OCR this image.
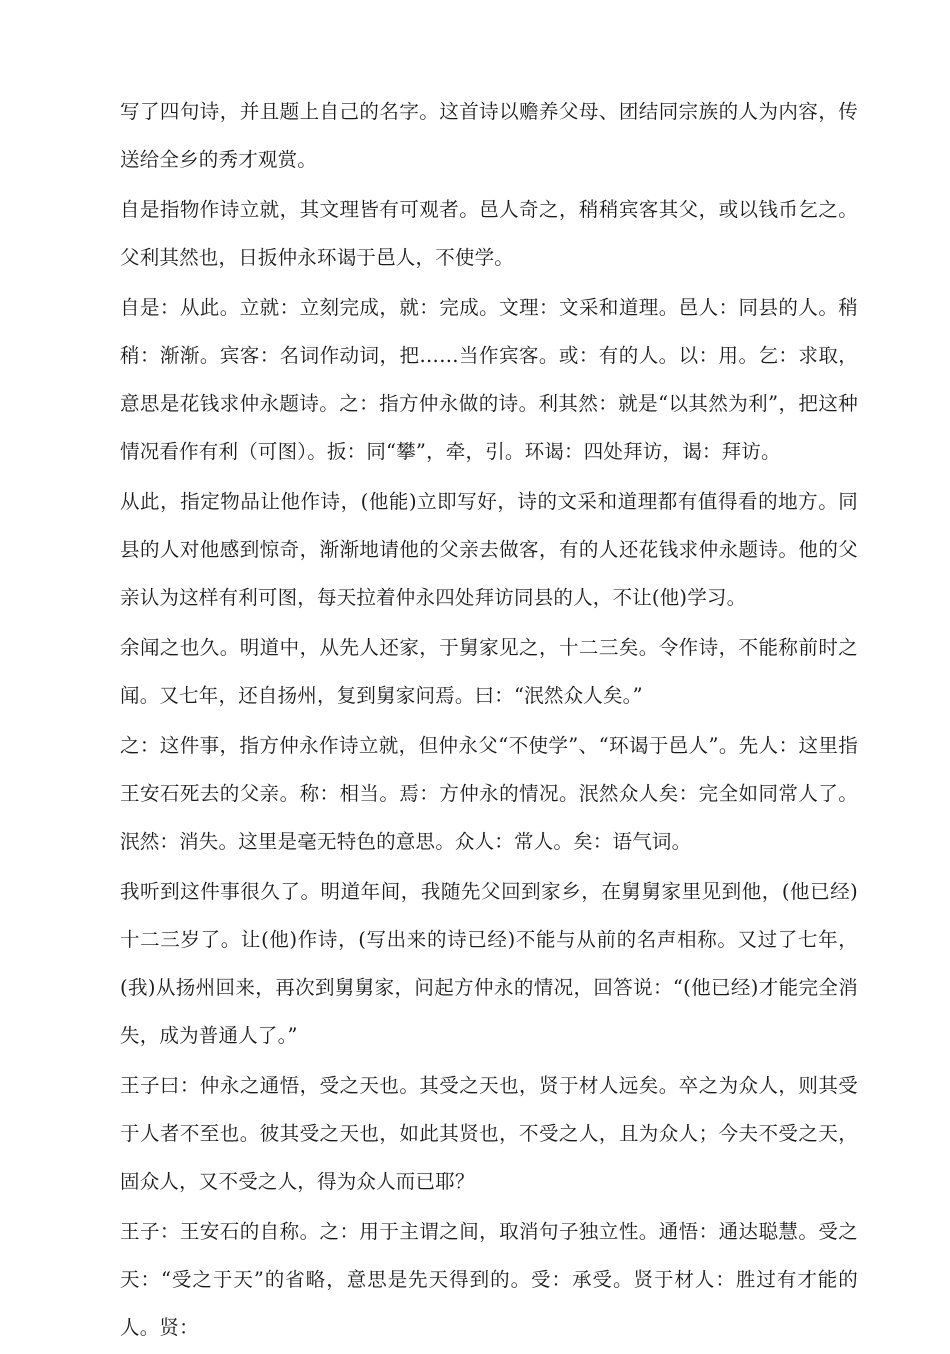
写了四句诗，并且题上自己的名字。这首诗以赡养父母、团结同宗族的人为内容，传送给全乡的秀才观赏。

自是指物作诗立就，其文理皆有可观者。邑人奇之，稍稍宾客其父，或以钱币乞之。父利其然也，日扳仲永环谒于邑人，不使学。

自是：从此。立就：立刻完成，就：完成。文理：文采和道理。邑人：同县的人。稍稍：渐渐。宾客：名词作动词，把……当作宾客。或：有的人。以：用。乞：求取，意思是花钱求仲永题诗。之：指方仲永做的诗。利其然：就是“以其然为利”，把这种情况看作有利（可图）。扳：同“攀”，牵，引。环谒：四处拜访，谒：拜访。

从此，指定物品让他作诗，(他能)立即写好，诗的文采和道理都有值得看的地方。同县的人对他感到惊奇，渐渐地请他的父亲去做客，有的人还花钱求仲永题诗。他的父亲认为这样有利可图，每天拉着仲永四处拜访同县的人，不让(他)学习。

余闻之也久。明道中，从先人还家，于舅家见之，十二三矣。令作诗，不能称前时之闻。又七年，还自扬州，复到舅家问焉。曰：“泯然众人矣。”

之：这件事，指方仲永作诗立就，但仲永父“不使学”、“环谒于邑人”。先人：这里指王安石死去的父亲。称：相当。焉：方仲永的情况。泯然众人矣：完全如同常人了。泯然：消失。这里是毫无特色的意思。众人：常人。矣：语气词。

我听到这件事很久了。明道年间，我随先父回到家乡，在舅舅家里见到他，(他已经)十二三岁了。让(他)作诗，(写出来的诗已经)不能与从前的名声相称。又过了七年，(我)从扬州回来，再次到舅舅家，问起方仲永的情况，回答说：“(他已经)才能完全消失，成为普通人了。”

王子曰：仲永之通悟，受之天也。其受之天也，贤于材人远矣。卒之为众人，则其受于人者不至也。彼其受之天也，如此其贤也，不受之人，且为众人；今夫不受之天，固众人，又不受之人，得为众人而已耶？

王子：王安石的自称。之：用于主谓之间，取消句子独立性。通悟：通达聪慧。受之天：“受之于天”的省略，意思是先天得到的。受：承受。贤于材人：胜过有才能的人。贤：
